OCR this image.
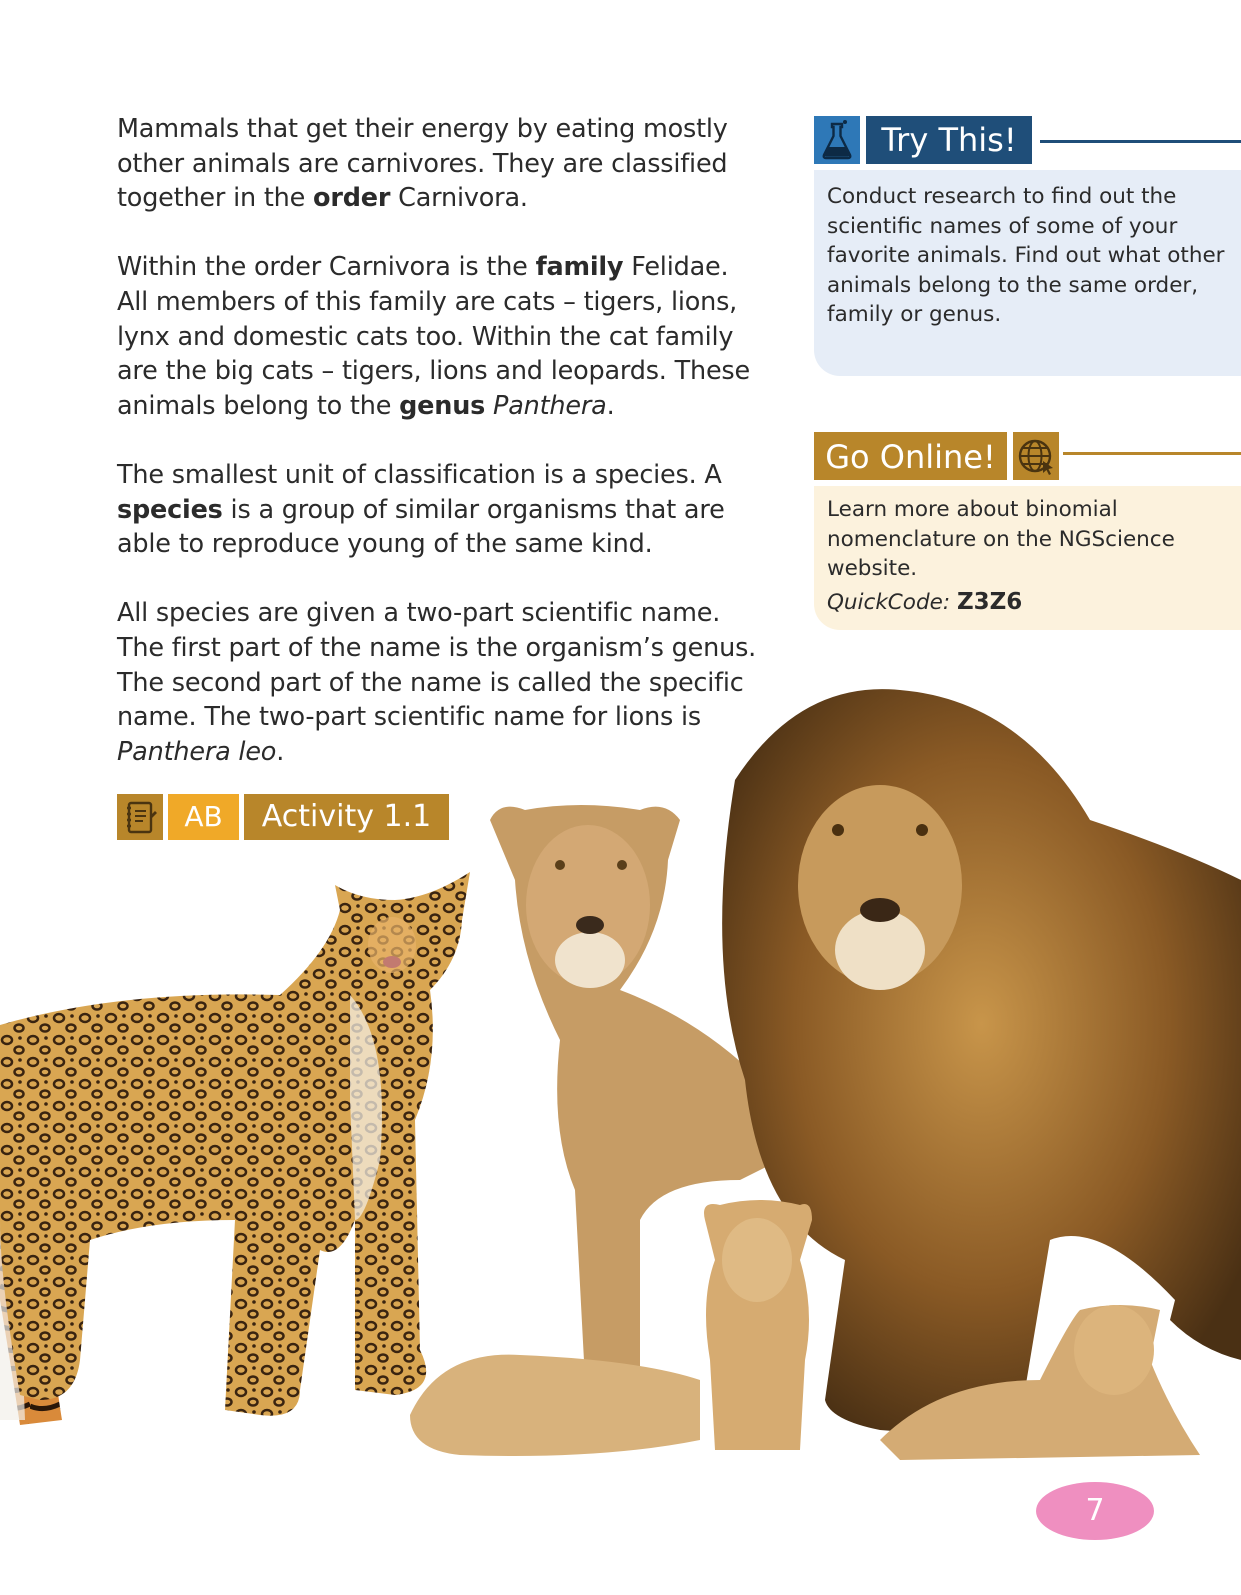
Mammals that get their energy by eating mostly other animals are carnivores. They are classified together in the order Carnivora.

Within the order Carnivora is the family Felidae. All members of this family are cats – tigers, lions, lynx and domestic cats too. Within the cat family are the big cats – tigers, lions and leopards. These animals belong to the genus Panthera.

The smallest unit of classification is a species. A species is a group of similar organisms that are able to reproduce young of the same kind.

All species are given a two-part scientific name. The first part of the name is the organism’s genus. The second part of the name is called the specific name. The two-part scientific name for lions is Panthera leo.

Try This!

Conduct research to find out the scientific names of some of your favorite animals. Find out what other animals belong to the same order, family or genus.

Go Online!

Learn more about binomial nomenclature on the NGScience website.

QuickCode: Z3Z6
AB	Activity 1.1
7
